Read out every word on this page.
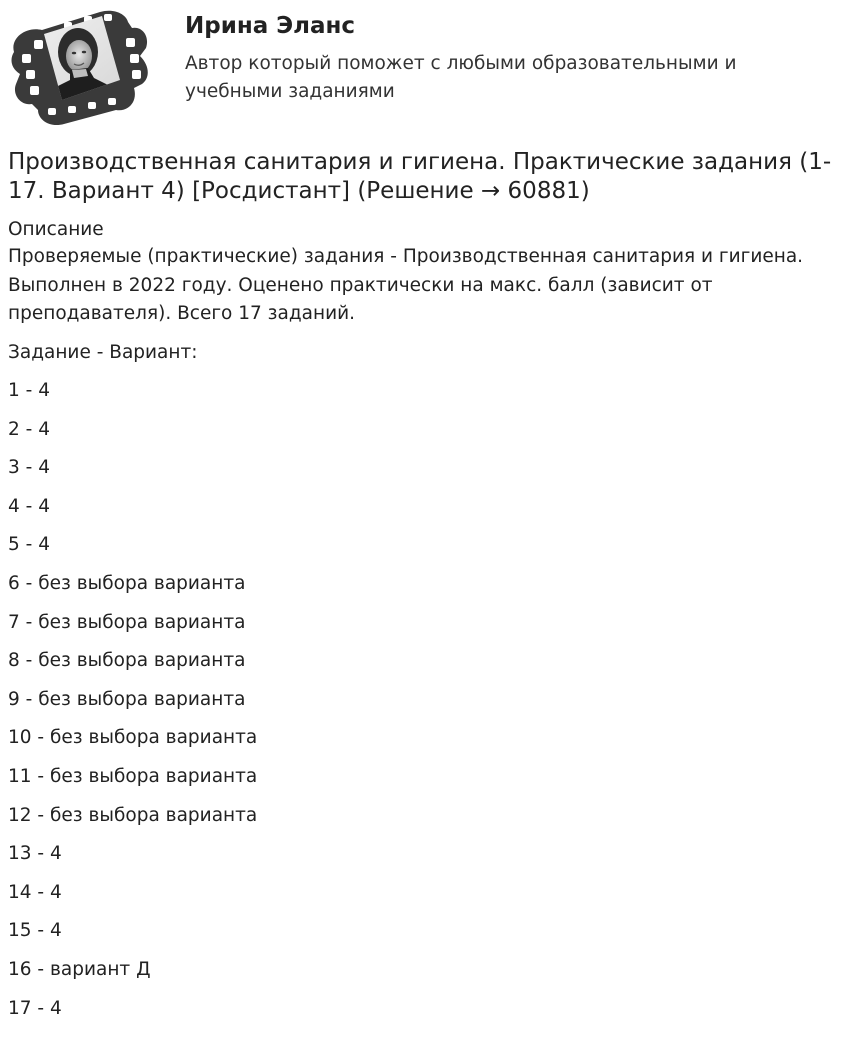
Ирина Эланс

Автор который поможет с любыми образовательными и учебными заданиями

Производственная санитария и гигиена. Практические задания (1-17. Вариант 4) [Росдистант] (Решение → 60881)
Описание

Проверяемые (практические) задания - Производственная санитария и гигиена. Выполнен в 2022 году. Оценено практически на макс. балл (зависит от преподавателя). Всего 17 заданий.

Задание - Вариант:
1 - 4
2 - 4
3 - 4
4 - 4
5 - 4
6 - без выбора варианта
7 - без выбора варианта
8 - без выбора варианта
9 - без выбора варианта
10 - без выбора варианта
11 - без выбора варианта
12 - без выбора варианта
13 - 4
14 - 4
15 - 4
16 - вариант Д
17 - 4
